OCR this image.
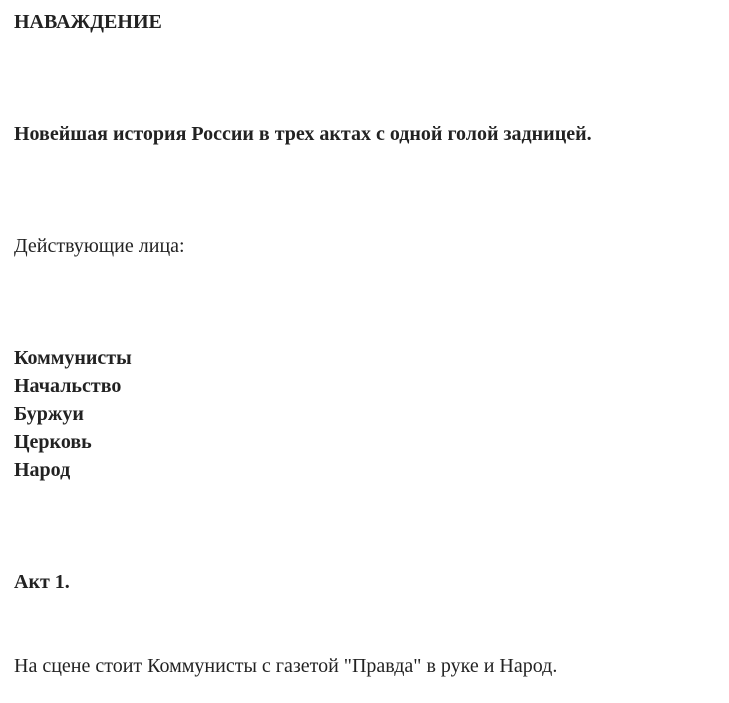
НАВАЖДЕНИЕ
Новейшая история России в трех актах с одной голой задницей.
Действующие лица:
Коммунисты
Начальство
Буржуи
Церковь
Народ
Акт 1.
На сцене стоит Коммунисты с газетой "Правда" в руке и Народ.
